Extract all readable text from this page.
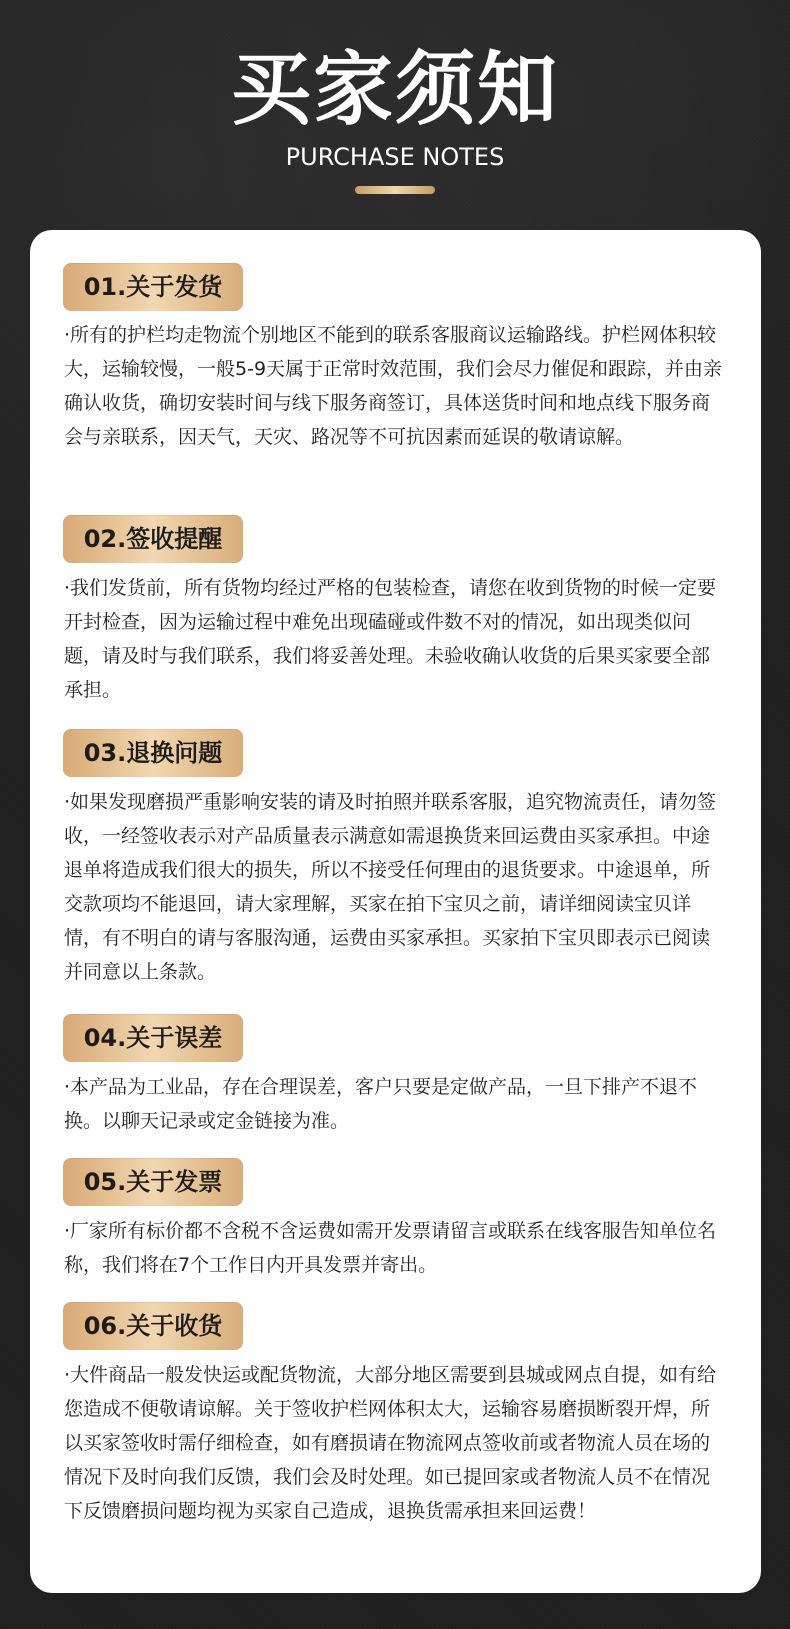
买家须知
PURCHASE NOTES
01.关于发货
·所有的护栏均走物流个别地区不能到的联系客服商议运输路线。护栏网体积较大，运输较慢，一般5-9天属于正常时效范围，我们会尽力催促和跟踪，并由亲确认收货，确切安装时间与线下服务商签订，具体送货时间和地点线下服务商会与亲联系，因天气，天灾、路况等不可抗因素而延误的敬请谅解。
02.签收提醒
·我们发货前，所有货物均经过严格的包装检查，请您在收到货物的时候一定要开封检查，因为运输过程中难免出现磕碰或件数不对的情况，如出现类似问题，请及时与我们联系，我们将妥善处理。未验收确认收货的后果买家要全部承担。
03.退换问题
·如果发现磨损严重影响安装的请及时拍照并联系客服，追究物流责任，请勿签收，一经签收表示对产品质量表示满意如需退换货来回运费由买家承担。中途退单将造成我们很大的损失，所以不接受任何理由的退货要求。中途退单，所交款项均不能退回，请大家理解，买家在拍下宝贝之前，请详细阅读宝贝详情，有不明白的请与客服沟通，运费由买家承担。买家拍下宝贝即表示已阅读并同意以上条款。
04.关于误差
·本产品为工业品，存在合理误差，客户只要是定做产品，一旦下排产不退不换。以聊天记录或定金链接为准。
05.关于发票
·厂家所有标价都不含税不含运费如需开发票请留言或联系在线客服告知单位名称，我们将在7个工作日内开具发票并寄出。
06.关于收货
·大件商品一般发快运或配货物流，大部分地区需要到县城或网点自提，如有给您造成不便敬请谅解。关于签收护栏网体积太大，运输容易磨损断裂开焊，所以买家签收时需仔细检查，如有磨损请在物流网点签收前或者物流人员在场的情况下及时向我们反馈，我们会及时处理。如已提回家或者物流人员不在情况下反馈磨损问题均视为买家自己造成，退换货需承担来回运费！
